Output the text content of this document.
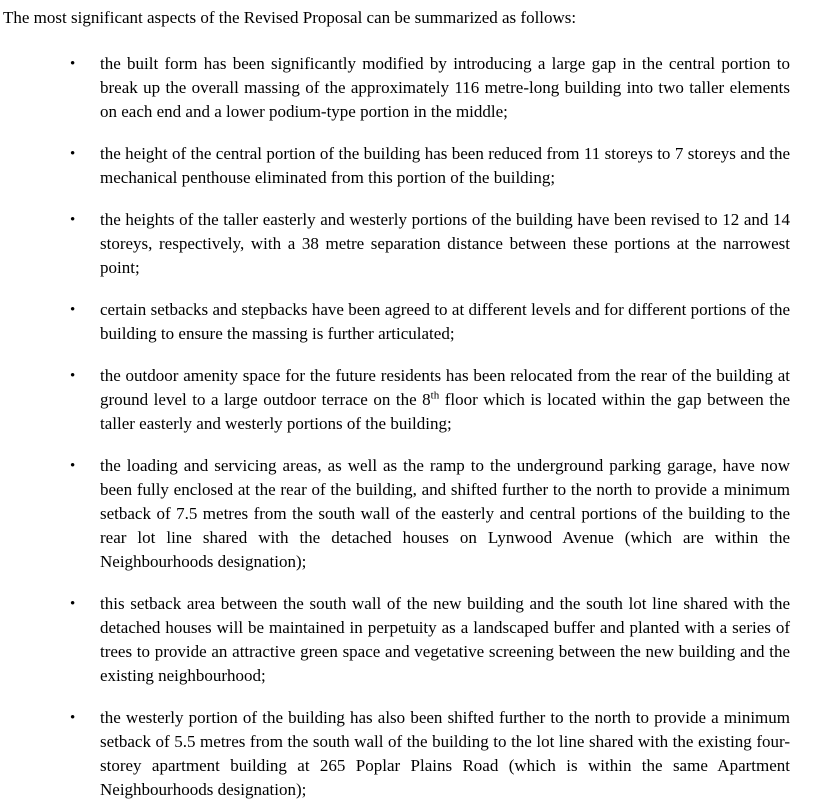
The most significant aspects of the Revised Proposal can be summarized as follows:

•	the built form has been significantly modified by introducing a large gap in the central portion to break up the overall massing of the approximately 116 metre-long building into two taller elements on each end and a lower podium-type portion in the middle;

•	the height of the central portion of the building has been reduced from 11 storeys to 7 storeys and the mechanical penthouse eliminated from this portion of the building;

•	the heights of the taller easterly and westerly portions of the building have been revised to 12 and 14 storeys, respectively, with a 38 metre separation distance between these portions at the narrowest point;

•	certain setbacks and stepbacks have been agreed to at different levels and for different portions of the building to ensure the massing is further articulated;

•	the outdoor amenity space for the future residents has been relocated from the rear of the building at ground level to a large outdoor terrace on the 8th floor which is located within the gap between the taller easterly and westerly portions of the building;

•	the loading and servicing areas, as well as the ramp to the underground parking garage, have now been fully enclosed at the rear of the building, and shifted further to the north to provide a minimum setback of 7.5 metres from the south wall of the easterly and central portions of the building to the rear lot line shared with the detached houses on Lynwood Avenue (which are within the Neighbourhoods designation);

•	this setback area between the south wall of the new building and the south lot line shared with the detached houses will be maintained in perpetuity as a landscaped buffer and planted with a series of trees to provide an attractive green space and vegetative screening between the new building and the existing neighbourhood;

•	the westerly portion of the building has also been shifted further to the north to provide a minimum setback of 5.5 metres from the south wall of the building to the lot line shared with the existing four-storey apartment building at 265 Poplar Plains Road (which is within the same Apartment Neighbourhoods designation);
